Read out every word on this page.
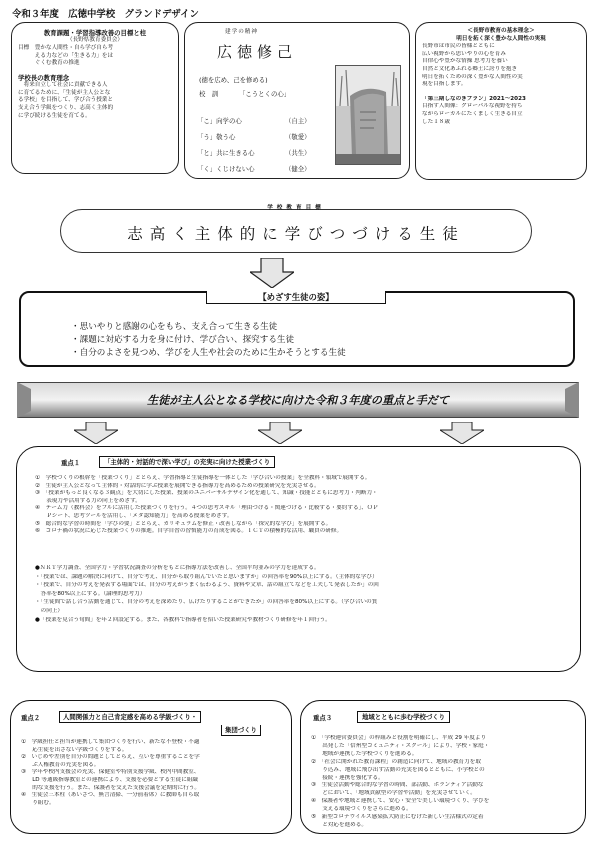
令和３年度　広徳中学校　グランドデザイン
教育課題・学習指導改善の目標と柱
（長野県教育委員会）
目標　豊かな人間性・自ら学び自ら考
　　　える力などの「生きる力」をは
　　　ぐくむ教育の推進
学校長の教育理念
　将来自立して社会に貢献できる人
に育てるために、「生徒が主人公とな
る学校」を目指して、学び合う授業と
支え合う学級をつくり、志高く主体的
に学び続ける生徒を育てる。
建学の精神
広徳修己
(徳を広め、己を修める)
校　訓	「こうとくの心」
「こ」向学の心	（自主）
「う」敬う心	（敬愛）
「と」共に生きる心	（共生）
「く」くじけない心	（健全）
＜長野市教育の基本理念＞
明日を拓く深く豊かな人間性の実現
長野市は市民の皆様とともに
広い視野から思いやりの心を育み
自律心や豊かな情操 思考力を養い
自然と文化あふれる郷土に誇りを抱き
明日を拓くための深く豊かな人間性の実
現を目指します。
「第三期しなのきプラン」2021～2023
目指す人間像：グローバルな視野を持ち
ながらローカルにたくましく生きる自立
した１８歳
学校教育目標
志高く主体的に学びつづける生徒
【めざす生徒の姿】
・思いやりと感謝の心をもち、支え合って生きる生徒
・課題に対応する力を身に付け、学び合い、探究する生徒
・自分のよさを見つめ、学びを人生や社会のために生かそうとする生徒
生徒が主人公となる学校に向けた令和３年度の重点と手だて
重点１	「主体的・対話的で深い学び」の充実に向けた授業づくり
①　学校づくりの根幹を「授業づくり」ととらえ、学習指導と生徒指導を一体とした「学び合いの授業」を全教科・領域で展開する。
②　生徒が主人公となって主体的・対話的に学ぶ授業を展開できる指導力を高めるための授業研究を充実させる。
③　「授業がもっと良くなる３観点」を大切にした授業、授業のユニバーサルデザイン化を通して、知識・技能とともに思考力・判断力・
　　表現力や活用する力の向上をめざす。
④　テーム力（教科会）をフルに活用した授業づくりを行う。４つの思考スキル「理由づける・関連づける・比較する・要約する」、ＯＰ
　　Ｐシート、思考ツールを活用し、「メタ認知能力」を高める授業をめざす。
⑤　総合的な学習の時間を「学びの要」ととらえ、カリキュラムを修正・改善しながら「探究的な学び」を展開する。
⑥　コロナ禍の状況に応じた授業づくりの推進。自学自習の習慣能力の育成を図る。ＩＣＴの積極的な活用、職員の研修。
●ＮＲＴ学力調査、全国学力・学習状況調査の分析をもとに指導方法を改善し、全国平均並みの学力を達成する。
・「授業では、課題の解決に向けて、自分で考え、自分から取り組んでいたと思いますか」の回答率を90%以上にする。（主体的な学び）
・「授業で、自分の考えを発表する場面では、自分の考えがうまく伝わるよう、資料や文章、話の組立てなどを工夫して発表したか」の回
　答率を80%以上にする。（論理的思考力）
・「生徒間で話し合う活動を通じて、自分の考えを深めたり、広げたりすることができたか」の回答率を80%以上にする。（学び合いの質
　の向上）
●「授業を見合う旬間」を年２回設定する。また、各教科で指導者を招いた授業研究や教材づくり研修を年１回行う。
重点２	人間関係力と自己肯定感を高める学級づくり・
集団づくり
①　学級担任と担当が連携して集団づくりを行い、新たな不登校・不適
　　応生徒を出さない学級づくりをする。
②　いじめや差別を自分の問題としてとらえ、互いを尊重することを学
　　ぶ人権教育の充実を図る。
③　学年や校内支援会の充実、保健室や特別支援学級、校内中間教室、
　　LD 等通級指導教室との連携により、支援を必要とする生徒に組織
　　的な支援を行う。また、保護者を交えた支援会議を定期的に行う。
④　生徒会三本柱（あいさつ、無言清掃、一分前着席）に教師も自ら取
　　り組む。
重点３	地域とともに歩む学校づくり
①　「学校運営委員会」の枠組みと役割を明確にし、平成 29 年度より
　　出発した「信州型コミュニティ・スクール」により、学校・家庭・
　　地域が連携した学校づくりを進める。
②　「社会に開かれた教育課程」の創造に向けて、地域の教育力を取
　　り込み、地域に飛び出す活動の充実を図るとともに、小学校との
　　接続・連携を強化する。
③　生徒会活動や総合的な学習の時間、部活動、ボランティア活動な
　　どにおいて、「地域貢献型の学習や活動」を充実させていく。
④　保護者や地域と連携して、安心・安全で美しい環境づくり、学びを
　　支える環境づくりをさらに進める。
⑤　新型コロナウイルス感染拡大防止にむけた新しい生活様式の定着
　　と対応を進める。
